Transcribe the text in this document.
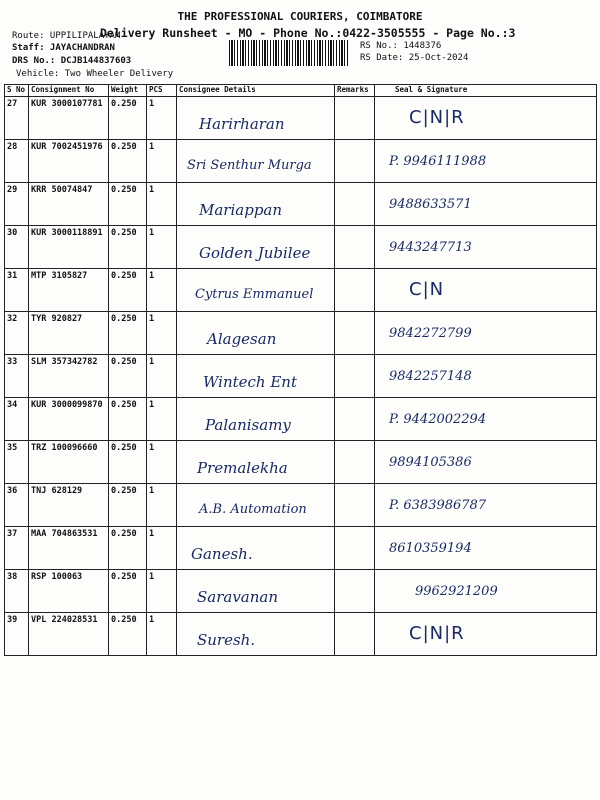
THE PROFESSIONAL COURIERS, COIMBATORE
Delivery Runsheet - MO - Phone No.:0422-3505555 - Page No.:3
Route: UPPILIPALAYAM
Staff: JAYACHANDRAN
DRS No.: DCJB144837603
Vehicle: Two Wheeler Delivery
RS No.: 1448376
RS Date: 25-Oct-2024
S No	Consignment No	Weight	PCS	Consignee Details	Remarks	Seal & Signature
27	KUR 3000107781	0.250	1	Harirharan		C|N|R

28	KUR 7002451976	0.250	1	Sri Senthur Murga		P. 9946111988

29	KRR 50074847	0.250	1	Mariappan		9488633571

30	KUR 3000118891	0.250	1	Golden Jubilee		9443247713

31	MTP 3105827	0.250	1	Cytrus Emmanuel		C|N

32	TYR 920827	0.250	1	Alagesan		9842272799

33	SLM 357342782	0.250	1	Wintech Ent		9842257148

34	KUR 3000099870	0.250	1	Palanisamy		P. 9442002294

35	TRZ 100096660	0.250	1	Premalekha		9894105386

36	TNJ 628129	0.250	1	A.B. Automation		P. 6383986787

37	MAA 704863531	0.250	1	Ganesh.		8610359194

38	RSP 100063	0.250	1	Saravanan		9962921209

39	VPL 224028531	0.250	1	Suresh.		C|N|R
